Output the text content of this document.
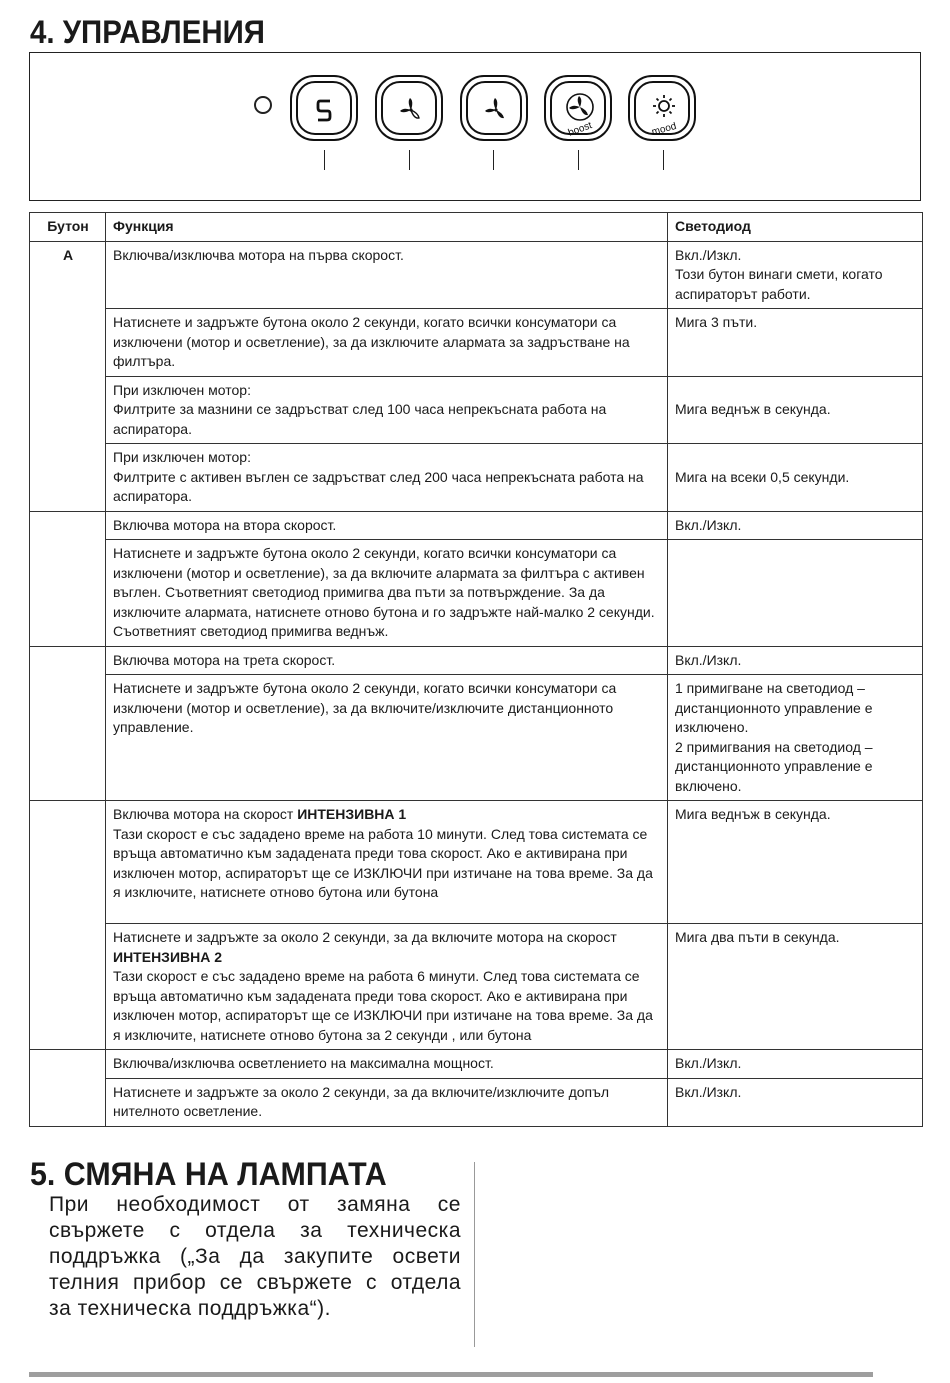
4. УПРАВЛЕНИЯ
boost	mood
Бутон	Функция	Светодиод
А	Включва/изключва мотора на първа скорост.	Вкл./Изкл.
Този бутон винаги смети, когато аспираторът работи.

	Натиснете и задръжте бутона около 2 секунди, когато всички консуматори са изключени (мотор и осветление), за да изключите алармата за задръстване на филтъра.	Мига 3 пъти.

	При изключен мотор:
Филтрите за мазнини се задръстват след 100 часа непрекъсната работа на аспиратора.	Мига веднъж в секунда.

	При изключен мотор:
Филтрите с активен въглен се задръстват след 200 часа непрекъсната работа на аспиратора.	Мига на всеки 0,5 секунди.
	Включва мотора на втора скорост.	Вкл./Изкл.
	Натиснете и задръжте бутона около 2 секунди, когато всички консуматори са изключени (мотор и осветление), за да включите алармата за филтъра с активен въглен. Съответният светодиод примигва два пъти за потвърждение. За да изключите алармата, натиснете отново бутона и го задръжте най-малко 2 секунди. Съответният светодиод примигва веднъж.	
	Включва мотора на трета скорост.	Вкл./Изкл.
	Натиснете и задръжте бутона около 2 секунди, когато всички консуматори са изключени (мотор и осветление), за да включите/изключите дистанционното управление.	1 примигване на светодиод – дистанционното управление е изключено.
2 примигвания на светодиод – дистанционното управление е включено.

	Включва мотора на скорост ИНТЕНЗИВНА 1
Тази скорост е със зададено време на работа 10 минути. След това системата се връща автоматично към зададената преди това скорост. Ако е активирана при изключен мотор, аспираторът ще се ИЗКЛЮЧИ при изтичане на това време. За да я изключите, натиснете отново бутона или бутона	Мига веднъж в секунда.
	Натиснете и задръжте за около 2 секунди, за да включите мотора на скорост ИНТЕНЗИВНА 2
Тази скорост е със зададено време на работа 6 минути. След това системата се връща автоматично към зададената преди това скорост. Ако е активирана при изключен мотор, аспираторът ще се ИЗКЛЮЧИ при изтичане на това време. За да я изключите, натиснете отново бутона за 2 секунди , или бутона	Мига два пъти в секунда.
	Включва/изключва осветлението на максимална мощност.	Вкл./Изкл.
	Натиснете и задръжте за около 2 секунди, за да включите/изключите допъл нителното осветление.	Вкл./Изкл.
5. СМЯНА НА ЛАМПАТА
При необходимост от замяна се
свържете с отдела за техническа
поддръжка („За да закупите освети
телния прибор се свържете с отдела
за техническа поддръжка“).
